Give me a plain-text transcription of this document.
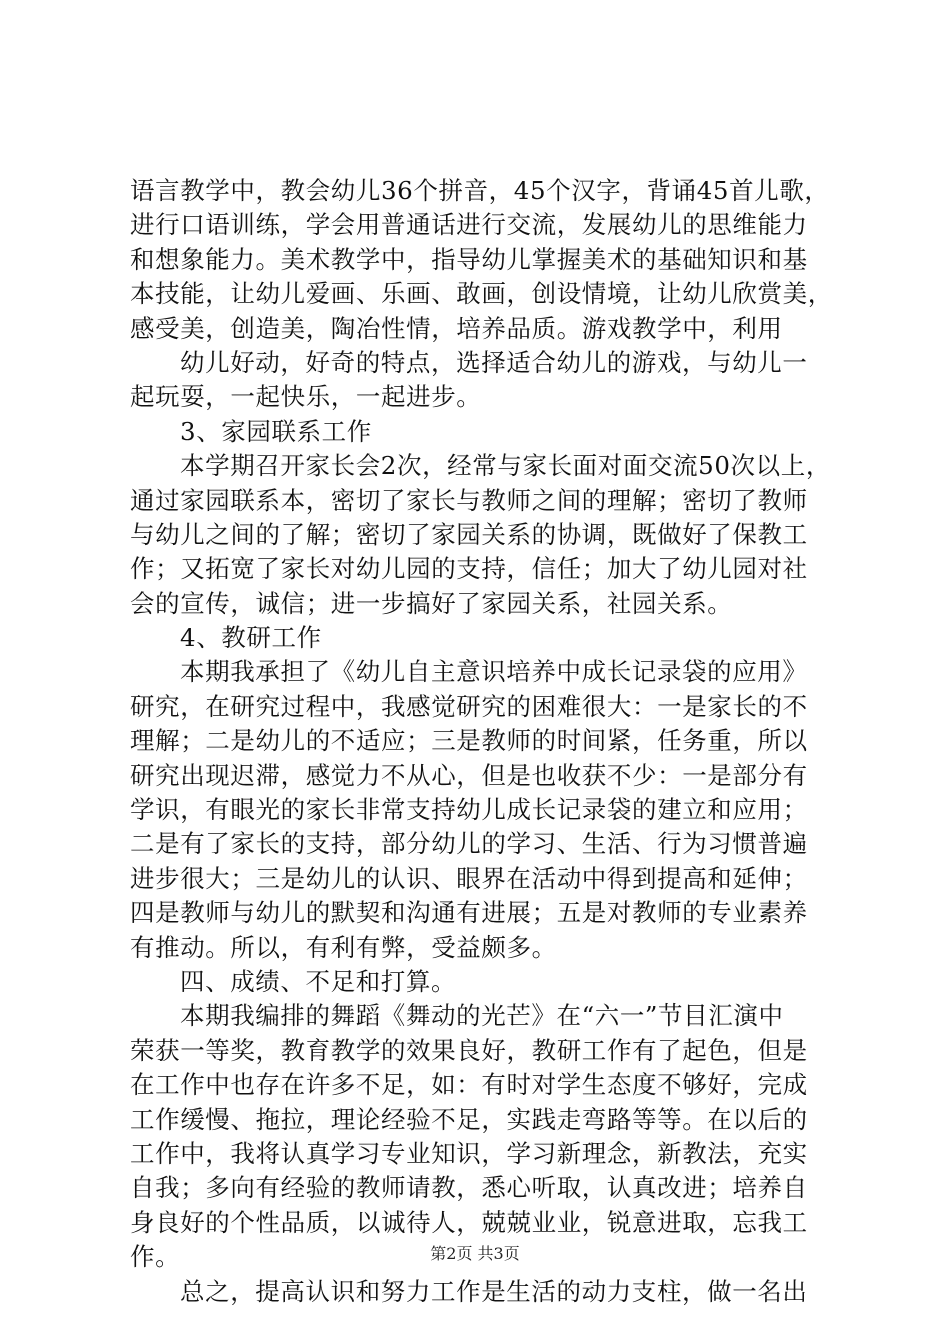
语言教学中，教会幼儿36个拼音，45个汉字，背诵45首儿歌，
进行口语训练，学会用普通话进行交流，发展幼儿的思维能力
和想象能力。美术教学中，指导幼儿掌握美术的基础知识和基
本技能，让幼儿爱画、乐画、敢画，创设情境，让幼儿欣赏美，
感受美，创造美，陶冶性情，培养品质。游戏教学中，利用
幼儿好动，好奇的特点，选择适合幼儿的游戏，与幼儿一
起玩耍，一起快乐，一起进步。
3、家园联系工作
本学期召开家长会2次，经常与家长面对面交流50次以上，
通过家园联系本，密切了家长与教师之间的理解；密切了教师
与幼儿之间的了解；密切了家园关系的协调，既做好了保教工
作；又拓宽了家长对幼儿园的支持，信任；加大了幼儿园对社
会的宣传，诚信；进一步搞好了家园关系，社园关系。
4、教研工作
本期我承担了《幼儿自主意识培养中成长记录袋的应用》
研究，在研究过程中，我感觉研究的困难很大：一是家长的不
理解；二是幼儿的不适应；三是教师的时间紧，任务重，所以
研究出现迟滞，感觉力不从心，但是也收获不少：一是部分有
学识，有眼光的家长非常支持幼儿成长记录袋的建立和应用；
二是有了家长的支持，部分幼儿的学习、生活、行为习惯普遍
进步很大；三是幼儿的认识、眼界在活动中得到提高和延伸；
四是教师与幼儿的默契和沟通有进展；五是对教师的专业素养
有推动。所以，有利有弊，受益颇多。
四、成绩、不足和打算。
本期我编排的舞蹈《舞动的光芒》在“六一”节目汇演中
荣获一等奖，教育教学的效果良好，教研工作有了起色，但是
在工作中也存在许多不足，如：有时对学生态度不够好，完成
工作缓慢、拖拉，理论经验不足，实践走弯路等等。在以后的
工作中，我将认真学习专业知识，学习新理念，新教法，充实
自我；多向有经验的教师请教，悉心听取，认真改进；培养自
身良好的个性品质，以诚待人，兢兢业业，锐意进取，忘我工
作。
总之，提高认识和努力工作是生活的动力支柱，做一名出
第2页 共3页
